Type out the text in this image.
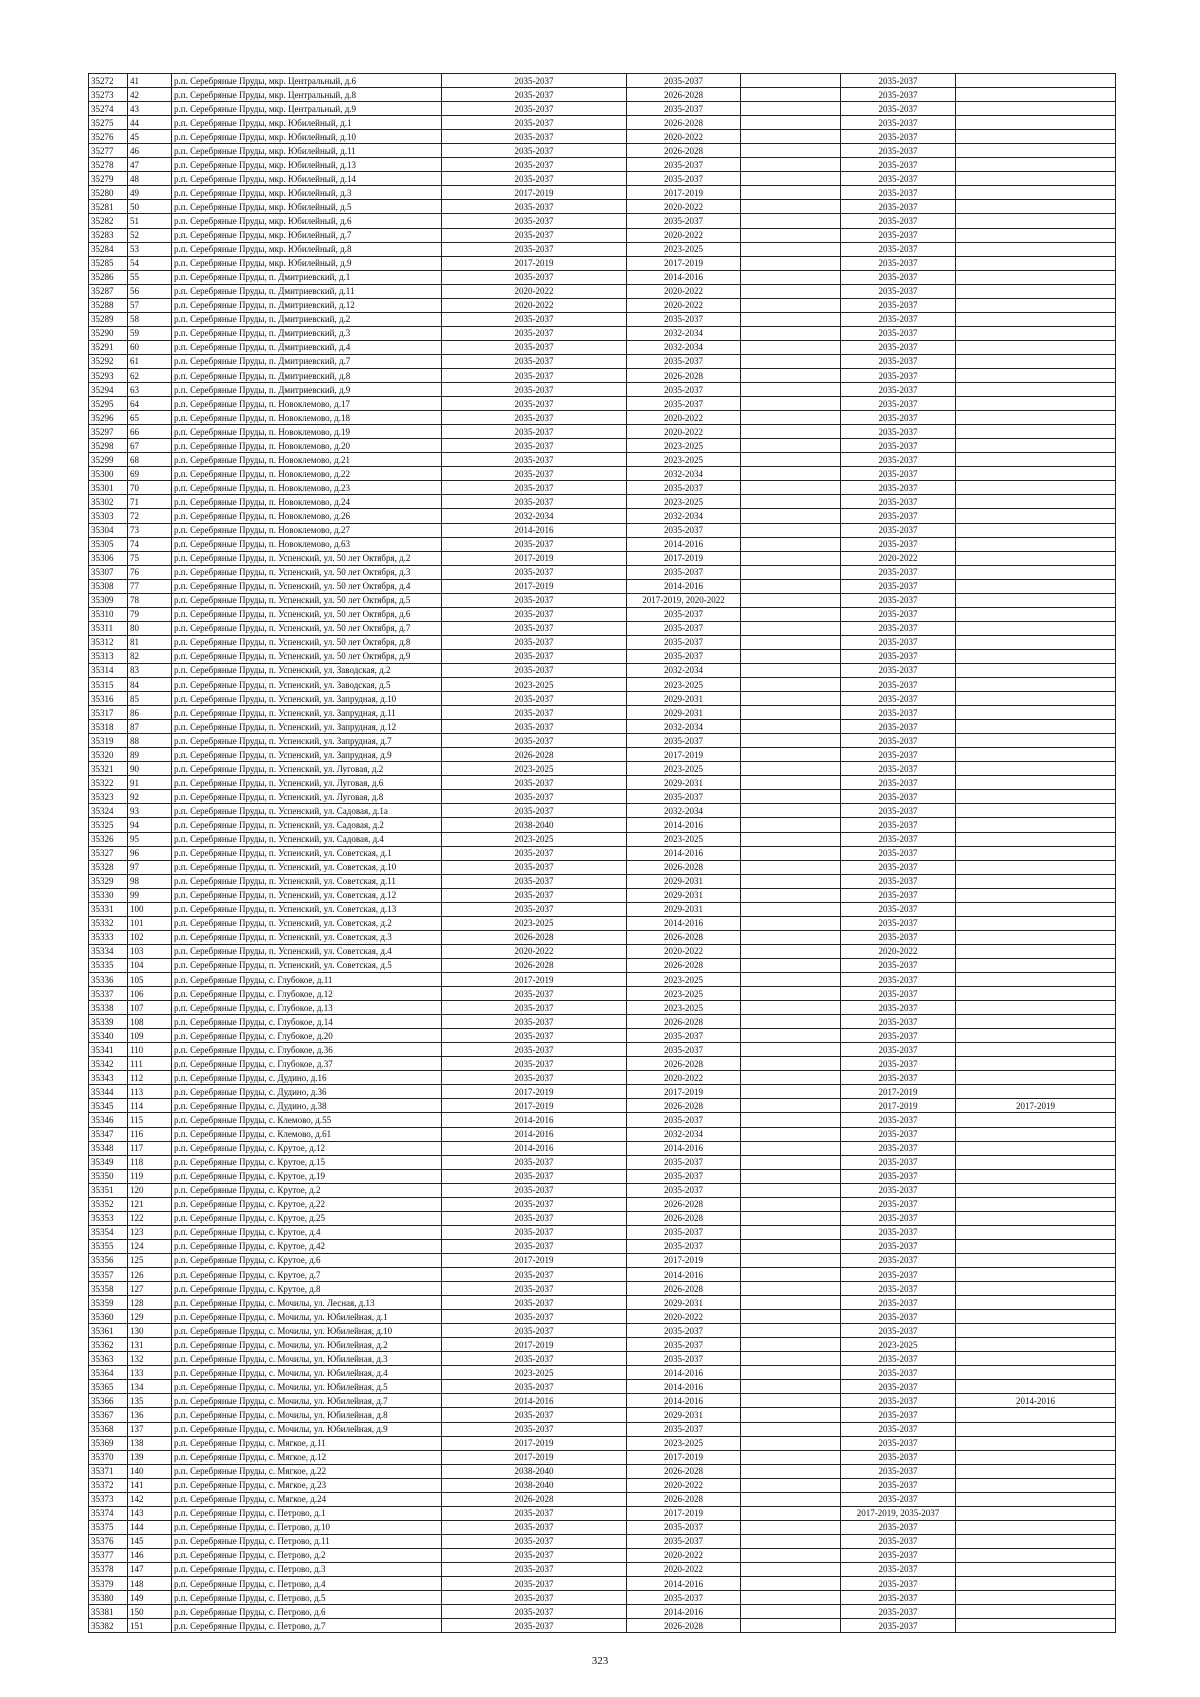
35272	41	р.п. Серебряные Пруды, мкр. Центральный, д.6	2035-2037	2035-2037		2035-2037	
35273	42	р.п. Серебряные Пруды, мкр. Центральный, д.8	2035-2037	2026-2028		2035-2037	
35274	43	р.п. Серебряные Пруды, мкр. Центральный, д.9	2035-2037	2035-2037		2035-2037	
35275	44	р.п. Серебряные Пруды, мкр. Юбилейный, д.1	2035-2037	2026-2028		2035-2037	
35276	45	р.п. Серебряные Пруды, мкр. Юбилейный, д.10	2035-2037	2020-2022		2035-2037	
35277	46	р.п. Серебряные Пруды, мкр. Юбилейный, д.11	2035-2037	2026-2028		2035-2037	
35278	47	р.п. Серебряные Пруды, мкр. Юбилейный, д.13	2035-2037	2035-2037		2035-2037	
35279	48	р.п. Серебряные Пруды, мкр. Юбилейный, д.14	2035-2037	2035-2037		2035-2037	
35280	49	р.п. Серебряные Пруды, мкр. Юбилейный, д.3	2017-2019	2017-2019		2035-2037	
35281	50	р.п. Серебряные Пруды, мкр. Юбилейный, д.5	2035-2037	2020-2022		2035-2037	
35282	51	р.п. Серебряные Пруды, мкр. Юбилейный, д.6	2035-2037	2035-2037		2035-2037	
35283	52	р.п. Серебряные Пруды, мкр. Юбилейный, д.7	2035-2037	2020-2022		2035-2037	
35284	53	р.п. Серебряные Пруды, мкр. Юбилейный, д.8	2035-2037	2023-2025		2035-2037	
35285	54	р.п. Серебряные Пруды, мкр. Юбилейный, д.9	2017-2019	2017-2019		2035-2037	
35286	55	р.п. Серебряные Пруды, п. Дмитриевский, д.1	2035-2037	2014-2016		2035-2037	
35287	56	р.п. Серебряные Пруды, п. Дмитриевский, д.11	2020-2022	2020-2022		2035-2037	
35288	57	р.п. Серебряные Пруды, п. Дмитриевский, д.12	2020-2022	2020-2022		2035-2037	
35289	58	р.п. Серебряные Пруды, п. Дмитриевский, д.2	2035-2037	2035-2037		2035-2037	
35290	59	р.п. Серебряные Пруды, п. Дмитриевский, д.3	2035-2037	2032-2034		2035-2037	
35291	60	р.п. Серебряные Пруды, п. Дмитриевский, д.4	2035-2037	2032-2034		2035-2037	
35292	61	р.п. Серебряные Пруды, п. Дмитриевский, д.7	2035-2037	2035-2037		2035-2037	
35293	62	р.п. Серебряные Пруды, п. Дмитриевский, д.8	2035-2037	2026-2028		2035-2037	
35294	63	р.п. Серебряные Пруды, п. Дмитриевский, д.9	2035-2037	2035-2037		2035-2037	
35295	64	р.п. Серебряные Пруды, п. Новоклемово, д.17	2035-2037	2035-2037		2035-2037	
35296	65	р.п. Серебряные Пруды, п. Новоклемово, д.18	2035-2037	2020-2022		2035-2037	
35297	66	р.п. Серебряные Пруды, п. Новоклемово, д.19	2035-2037	2020-2022		2035-2037	
35298	67	р.п. Серебряные Пруды, п. Новоклемово, д.20	2035-2037	2023-2025		2035-2037	
35299	68	р.п. Серебряные Пруды, п. Новоклемово, д.21	2035-2037	2023-2025		2035-2037	
35300	69	р.п. Серебряные Пруды, п. Новоклемово, д.22	2035-2037	2032-2034		2035-2037	
35301	70	р.п. Серебряные Пруды, п. Новоклемово, д.23	2035-2037	2035-2037		2035-2037	
35302	71	р.п. Серебряные Пруды, п. Новоклемово, д.24	2035-2037	2023-2025		2035-2037	
35303	72	р.п. Серебряные Пруды, п. Новоклемово, д.26	2032-2034	2032-2034		2035-2037	
35304	73	р.п. Серебряные Пруды, п. Новоклемово, д.27	2014-2016	2035-2037		2035-2037	
35305	74	р.п. Серебряные Пруды, п. Новоклемово, д.63	2035-2037	2014-2016		2035-2037	
35306	75	р.п. Серебряные Пруды, п. Успенский, ул. 50 лет Октября, д.2	2017-2019	2017-2019		2020-2022	
35307	76	р.п. Серебряные Пруды, п. Успенский, ул. 50 лет Октября, д.3	2035-2037	2035-2037		2035-2037	
35308	77	р.п. Серебряные Пруды, п. Успенский, ул. 50 лет Октября, д.4	2017-2019	2014-2016		2035-2037	
35309	78	р.п. Серебряные Пруды, п. Успенский, ул. 50 лет Октября, д.5	2035-2037	2017-2019, 2020-2022		2035-2037	
35310	79	р.п. Серебряные Пруды, п. Успенский, ул. 50 лет Октября, д.6	2035-2037	2035-2037		2035-2037	
35311	80	р.п. Серебряные Пруды, п. Успенский, ул. 50 лет Октября, д.7	2035-2037	2035-2037		2035-2037	
35312	81	р.п. Серебряные Пруды, п. Успенский, ул. 50 лет Октября, д.8	2035-2037	2035-2037		2035-2037	
35313	82	р.п. Серебряные Пруды, п. Успенский, ул. 50 лет Октября, д.9	2035-2037	2035-2037		2035-2037	
35314	83	р.п. Серебряные Пруды, п. Успенский, ул. Заводская, д.2	2035-2037	2032-2034		2035-2037	
35315	84	р.п. Серебряные Пруды, п. Успенский, ул. Заводская, д.5	2023-2025	2023-2025		2035-2037	
35316	85	р.п. Серебряные Пруды, п. Успенский, ул. Запрудная, д.10	2035-2037	2029-2031		2035-2037	
35317	86	р.п. Серебряные Пруды, п. Успенский, ул. Запрудная, д.11	2035-2037	2029-2031		2035-2037	
35318	87	р.п. Серебряные Пруды, п. Успенский, ул. Запрудная, д.12	2035-2037	2032-2034		2035-2037	
35319	88	р.п. Серебряные Пруды, п. Успенский, ул. Запрудная, д.7	2035-2037	2035-2037		2035-2037	
35320	89	р.п. Серебряные Пруды, п. Успенский, ул. Запрудная, д.9	2026-2028	2017-2019		2035-2037	
35321	90	р.п. Серебряные Пруды, п. Успенский, ул. Луговая, д.2	2023-2025	2023-2025		2035-2037	
35322	91	р.п. Серебряные Пруды, п. Успенский, ул. Луговая, д.6	2035-2037	2029-2031		2035-2037	
35323	92	р.п. Серебряные Пруды, п. Успенский, ул. Луговая, д.8	2035-2037	2035-2037		2035-2037	
35324	93	р.п. Серебряные Пруды, п. Успенский, ул. Садовая, д.1а	2035-2037	2032-2034		2035-2037	
35325	94	р.п. Серебряные Пруды, п. Успенский, ул. Садовая, д.2	2038-2040	2014-2016		2035-2037	
35326	95	р.п. Серебряные Пруды, п. Успенский, ул. Садовая, д.4	2023-2025	2023-2025		2035-2037	
35327	96	р.п. Серебряные Пруды, п. Успенский, ул. Советская, д.1	2035-2037	2014-2016		2035-2037	
35328	97	р.п. Серебряные Пруды, п. Успенский, ул. Советская, д.10	2035-2037	2026-2028		2035-2037	
35329	98	р.п. Серебряные Пруды, п. Успенский, ул. Советская, д.11	2035-2037	2029-2031		2035-2037	
35330	99	р.п. Серебряные Пруды, п. Успенский, ул. Советская, д.12	2035-2037	2029-2031		2035-2037	
35331	100	р.п. Серебряные Пруды, п. Успенский, ул. Советская, д.13	2035-2037	2029-2031		2035-2037	
35332	101	р.п. Серебряные Пруды, п. Успенский, ул. Советская, д.2	2023-2025	2014-2016		2035-2037	
35333	102	р.п. Серебряные Пруды, п. Успенский, ул. Советская, д.3	2026-2028	2026-2028		2035-2037	
35334	103	р.п. Серебряные Пруды, п. Успенский, ул. Советская, д.4	2020-2022	2020-2022		2020-2022	
35335	104	р.п. Серебряные Пруды, п. Успенский, ул. Советская, д.5	2026-2028	2026-2028		2035-2037	
35336	105	р.п. Серебряные Пруды, с. Глубокое, д.11	2017-2019	2023-2025		2035-2037	
35337	106	р.п. Серебряные Пруды, с. Глубокое, д.12	2035-2037	2023-2025		2035-2037	
35338	107	р.п. Серебряные Пруды, с. Глубокое, д.13	2035-2037	2023-2025		2035-2037	
35339	108	р.п. Серебряные Пруды, с. Глубокое, д.14	2035-2037	2026-2028		2035-2037	
35340	109	р.п. Серебряные Пруды, с. Глубокое, д.20	2035-2037	2035-2037		2035-2037	
35341	110	р.п. Серебряные Пруды, с. Глубокое, д.36	2035-2037	2035-2037		2035-2037	
35342	111	р.п. Серебряные Пруды, с. Глубокое, д.37	2035-2037	2026-2028		2035-2037	
35343	112	р.п. Серебряные Пруды, с. Дудино, д.16	2035-2037	2020-2022		2035-2037	
35344	113	р.п. Серебряные Пруды, с. Дудино, д.36	2017-2019	2017-2019		2017-2019	
35345	114	р.п. Серебряные Пруды, с. Дудино, д.38	2017-2019	2026-2028		2017-2019	2017-2019
35346	115	р.п. Серебряные Пруды, с. Клемово, д.55	2014-2016	2035-2037		2035-2037	
35347	116	р.п. Серебряные Пруды, с. Клемово, д.61	2014-2016	2032-2034		2035-2037	
35348	117	р.п. Серебряные Пруды, с. Крутое, д.12	2014-2016	2014-2016		2035-2037	
35349	118	р.п. Серебряные Пруды, с. Крутое, д.15	2035-2037	2035-2037		2035-2037	
35350	119	р.п. Серебряные Пруды, с. Крутое, д.19	2035-2037	2035-2037		2035-2037	
35351	120	р.п. Серебряные Пруды, с. Крутое, д.2	2035-2037	2035-2037		2035-2037	
35352	121	р.п. Серебряные Пруды, с. Крутое, д.22	2035-2037	2026-2028		2035-2037	
35353	122	р.п. Серебряные Пруды, с. Крутое, д.25	2035-2037	2026-2028		2035-2037	
35354	123	р.п. Серебряные Пруды, с. Крутое, д.4	2035-2037	2035-2037		2035-2037	
35355	124	р.п. Серебряные Пруды, с. Крутое, д.42	2035-2037	2035-2037		2035-2037	
35356	125	р.п. Серебряные Пруды, с. Крутое, д.6	2017-2019	2017-2019		2035-2037	
35357	126	р.п. Серебряные Пруды, с. Крутое, д.7	2035-2037	2014-2016		2035-2037	
35358	127	р.п. Серебряные Пруды, с. Крутое, д.8	2035-2037	2026-2028		2035-2037	
35359	128	р.п. Серебряные Пруды, с. Мочилы, ул. Лесная, д.13	2035-2037	2029-2031		2035-2037	
35360	129	р.п. Серебряные Пруды, с. Мочилы, ул. Юбилейная, д.1	2035-2037	2020-2022		2035-2037	
35361	130	р.п. Серебряные Пруды, с. Мочилы, ул. Юбилейная, д.10	2035-2037	2035-2037		2035-2037	
35362	131	р.п. Серебряные Пруды, с. Мочилы, ул. Юбилейная, д.2	2017-2019	2035-2037		2023-2025	
35363	132	р.п. Серебряные Пруды, с. Мочилы, ул. Юбилейная, д.3	2035-2037	2035-2037		2035-2037	
35364	133	р.п. Серебряные Пруды, с. Мочилы, ул. Юбилейная, д.4	2023-2025	2014-2016		2035-2037	
35365	134	р.п. Серебряные Пруды, с. Мочилы, ул. Юбилейная, д.5	2035-2037	2014-2016		2035-2037	
35366	135	р.п. Серебряные Пруды, с. Мочилы, ул. Юбилейная, д.7	2014-2016	2014-2016		2035-2037	2014-2016
35367	136	р.п. Серебряные Пруды, с. Мочилы, ул. Юбилейная, д.8	2035-2037	2029-2031		2035-2037	
35368	137	р.п. Серебряные Пруды, с. Мочилы, ул. Юбилейная, д.9	2035-2037	2035-2037		2035-2037	
35369	138	р.п. Серебряные Пруды, с. Мягкое, д.11	2017-2019	2023-2025		2035-2037	
35370	139	р.п. Серебряные Пруды, с. Мягкое, д.12	2017-2019	2017-2019		2035-2037	
35371	140	р.п. Серебряные Пруды, с. Мягкое, д.22	2038-2040	2026-2028		2035-2037	
35372	141	р.п. Серебряные Пруды, с. Мягкое, д.23	2038-2040	2020-2022		2035-2037	
35373	142	р.п. Серебряные Пруды, с. Мягкое, д.24	2026-2028	2026-2028		2035-2037	
35374	143	р.п. Серебряные Пруды, с. Петрово, д.1	2035-2037	2017-2019		2017-2019, 2035-2037	
35375	144	р.п. Серебряные Пруды, с. Петрово, д.10	2035-2037	2035-2037		2035-2037	
35376	145	р.п. Серебряные Пруды, с. Петрово, д.11	2035-2037	2035-2037		2035-2037	
35377	146	р.п. Серебряные Пруды, с. Петрово, д.2	2035-2037	2020-2022		2035-2037	
35378	147	р.п. Серебряные Пруды, с. Петрово, д.3	2035-2037	2020-2022		2035-2037	
35379	148	р.п. Серебряные Пруды, с. Петрово, д.4	2035-2037	2014-2016		2035-2037	
35380	149	р.п. Серебряные Пруды, с. Петрово, д.5	2035-2037	2035-2037		2035-2037	
35381	150	р.п. Серебряные Пруды, с. Петрово, д.6	2035-2037	2014-2016		2035-2037	
35382	151	р.п. Серебряные Пруды, с. Петрово, д.7	2035-2037	2026-2028		2035-2037	
323
